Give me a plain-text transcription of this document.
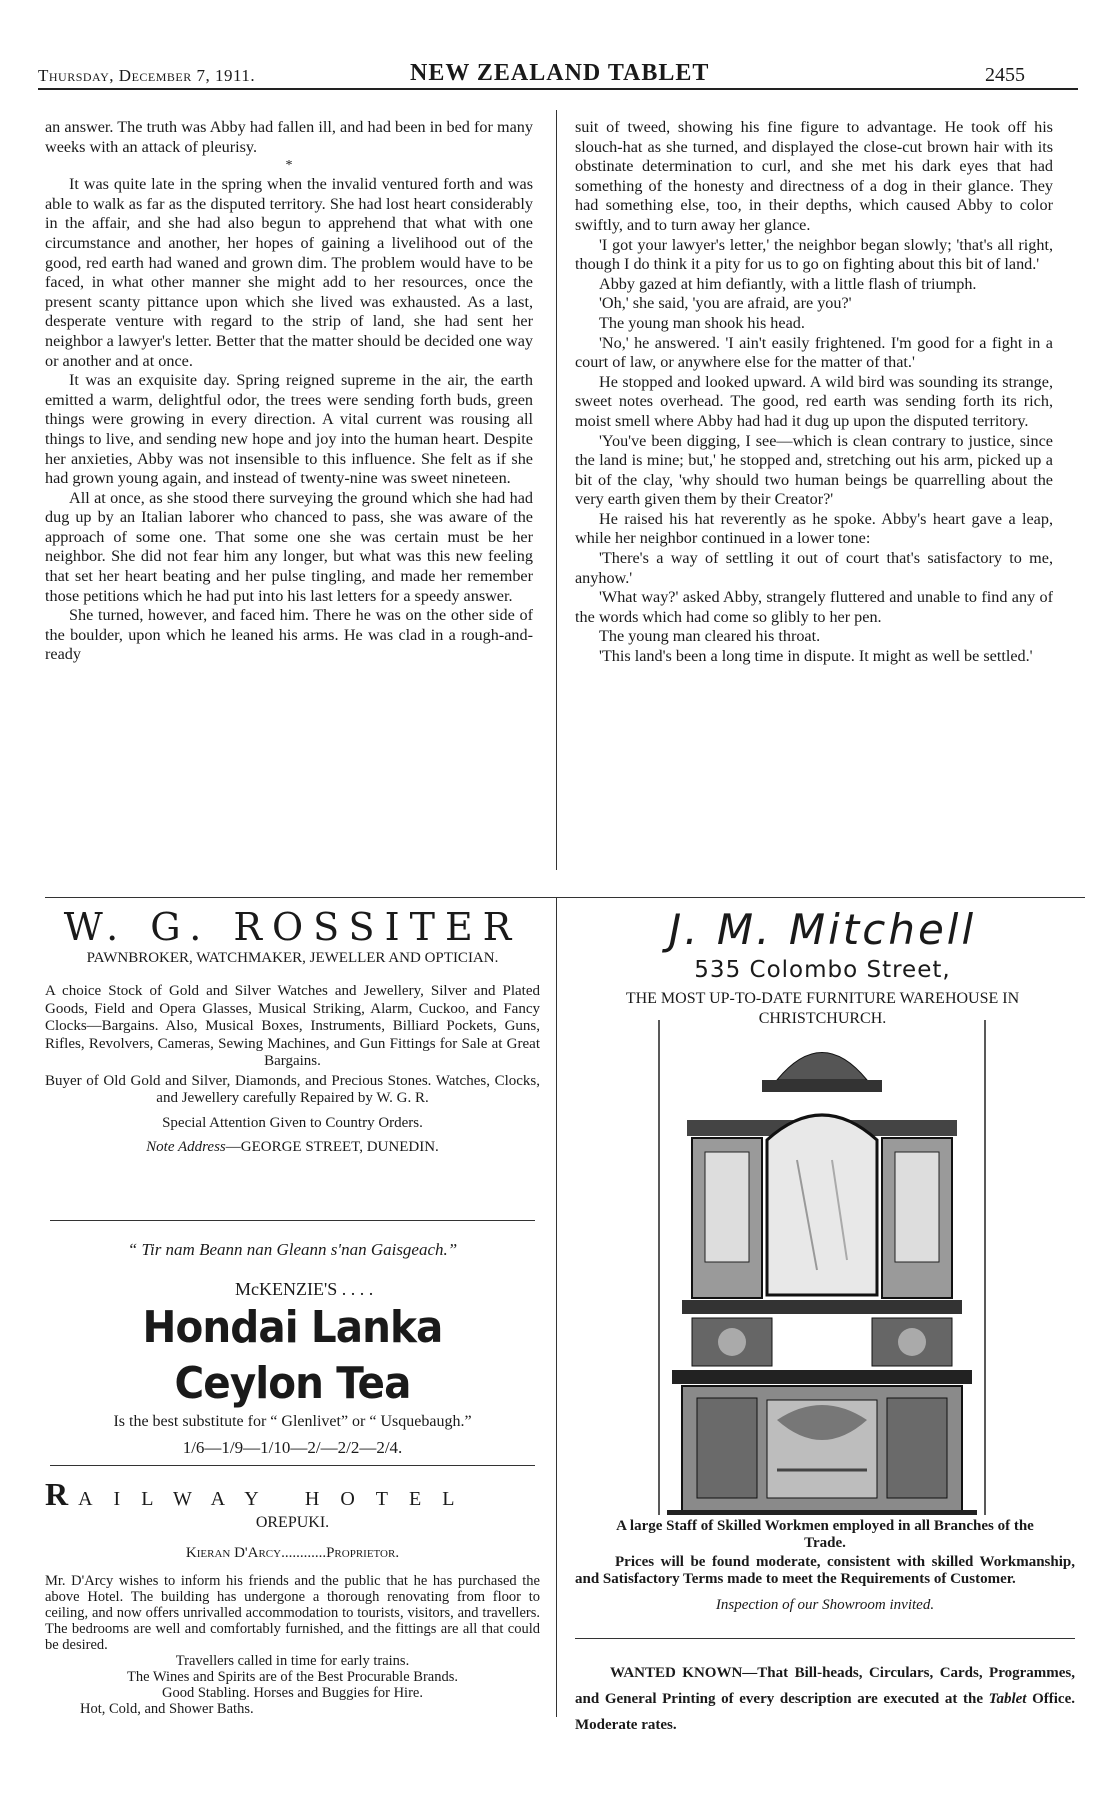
Thursday, December 7, 1911.	NEW ZEALAND TABLET	2455

an answer. The truth was Abby had fallen ill, and had been in bed for many weeks with an attack of pleurisy.

*

It was quite late in the spring when the invalid ventured forth and was able to walk as far as the disputed territory. She had lost heart considerably in the affair, and she had also begun to apprehend that what with one circumstance and another, her hopes of gaining a livelihood out of the good, red earth had waned and grown dim. The problem would have to be faced, in what other manner she might add to her resources, once the present scanty pittance upon which she lived was exhausted. As a last, desperate venture with regard to the strip of land, she had sent her neighbor a lawyer's letter. Better that the matter should be decided one way or another and at once.

It was an exquisite day. Spring reigned supreme in the air, the earth emitted a warm, delightful odor, the trees were sending forth buds, green things were growing in every direction. A vital current was rousing all things to live, and sending new hope and joy into the human heart. Despite her anxieties, Abby was not insensible to this influence. She felt as if she had grown young again, and instead of twenty-nine was sweet nineteen.

All at once, as she stood there surveying the ground which she had had dug up by an Italian laborer who chanced to pass, she was aware of the approach of some one. That some one she was certain must be her neighbor. She did not fear him any longer, but what was this new feeling that set her heart beating and her pulse tingling, and made her remember those petitions which he had put into his last letters for a speedy answer.

She turned, however, and faced him. There he was on the other side of the boulder, upon which he leaned his arms. He was clad in a rough-and-ready

suit of tweed, showing his fine figure to advantage. He took off his slouch-hat as she turned, and displayed the close-cut brown hair with its obstinate determination to curl, and she met his dark eyes that had something of the honesty and directness of a dog in their glance. They had something else, too, in their depths, which caused Abby to color swiftly, and to turn away her glance.

'I got your lawyer's letter,' the neighbor began slowly; 'that's all right, though I do think it a pity for us to go on fighting about this bit of land.'

Abby gazed at him defiantly, with a little flash of triumph.

'Oh,' she said, 'you are afraid, are you?'

The young man shook his head.

'No,' he answered. 'I ain't easily frightened. I'm good for a fight in a court of law, or anywhere else for the matter of that.'

He stopped and looked upward. A wild bird was sounding its strange, sweet notes overhead. The good, red earth was sending forth its rich, moist smell where Abby had had it dug up upon the disputed territory.

'You've been digging, I see—which is clean contrary to justice, since the land is mine; but,' he stopped and, stretching out his arm, picked up a bit of the clay, 'why should two human beings be quarrelling about the very earth given them by their Creator?'

He raised his hat reverently as he spoke. Abby's heart gave a leap, while her neighbor continued in a lower tone:

'There's a way of settling it out of court that's satisfactory to me, anyhow.'

'What way?' asked Abby, strangely fluttered and unable to find any of the words which had come so glibly to her pen.

The young man cleared his throat.

'This land's been a long time in dispute. It might as well be settled.'

W. G. ROSSITER
PAWNBROKER, WATCHMAKER, JEWELLER AND OPTICIAN.
A choice Stock of Gold and Silver Watches and Jewellery, Silver and Plated Goods, Field and Opera Glasses, Musical Striking, Alarm, Cuckoo, and Fancy Clocks—Bargains. Also, Musical Boxes, Instruments, Billiard Pockets, Guns, Rifles, Revolvers, Cameras, Sewing Machines, and Gun Fittings for Sale at Great Bargains.
Buyer of Old Gold and Silver, Diamonds, and Precious Stones. Watches, Clocks, and Jewellery carefully Repaired by W. G. R.
Special Attention Given to Country Orders.
Note Address—GEORGE STREET, DUNEDIN.
“ Tir nam Beann nan Gleann s'nan Gaisgeach.”
McKENZIE'S . . . .
Hondai Lanka Ceylon Tea
Is the best substitute for “ Glenlivet” or “ Usquebaugh.”
1/6—1/9—1/10—2/—2/2—2/4.
RAILWAY HOTEL
OREPUKI.
Kieran D'Arcy............Proprietor.
Mr. D'Arcy wishes to inform his friends and the public that he has purchased the above Hotel. The building has undergone a thorough renovating from floor to ceiling, and now offers unrivalled accommodation to tourists, visitors, and travellers. The bedrooms are well and comfortably furnished, and the fittings are all that could be desired.
Travellers called in time for early trains.
The Wines and Spirits are of the Best Procurable Brands.
Good Stabling. Horses and Buggies for Hire.
Hot, Cold, and Shower Baths.
J. M. Mitchell
535 Colombo Street,
THE MOST UP-TO-DATE FURNITURE WAREHOUSE IN CHRISTCHURCH.
A large Staff of Skilled Workmen employed in all Branches of the Trade.
Prices will be found moderate, consistent with skilled Workmanship, and Satisfactory Terms made to meet the Requirements of Customer.
Inspection of our Showroom invited.
WANTED KNOWN—That Bill-heads, Circulars, Cards, Programmes, and General Printing of every description are executed at the Tablet Office. Moderate rates.
